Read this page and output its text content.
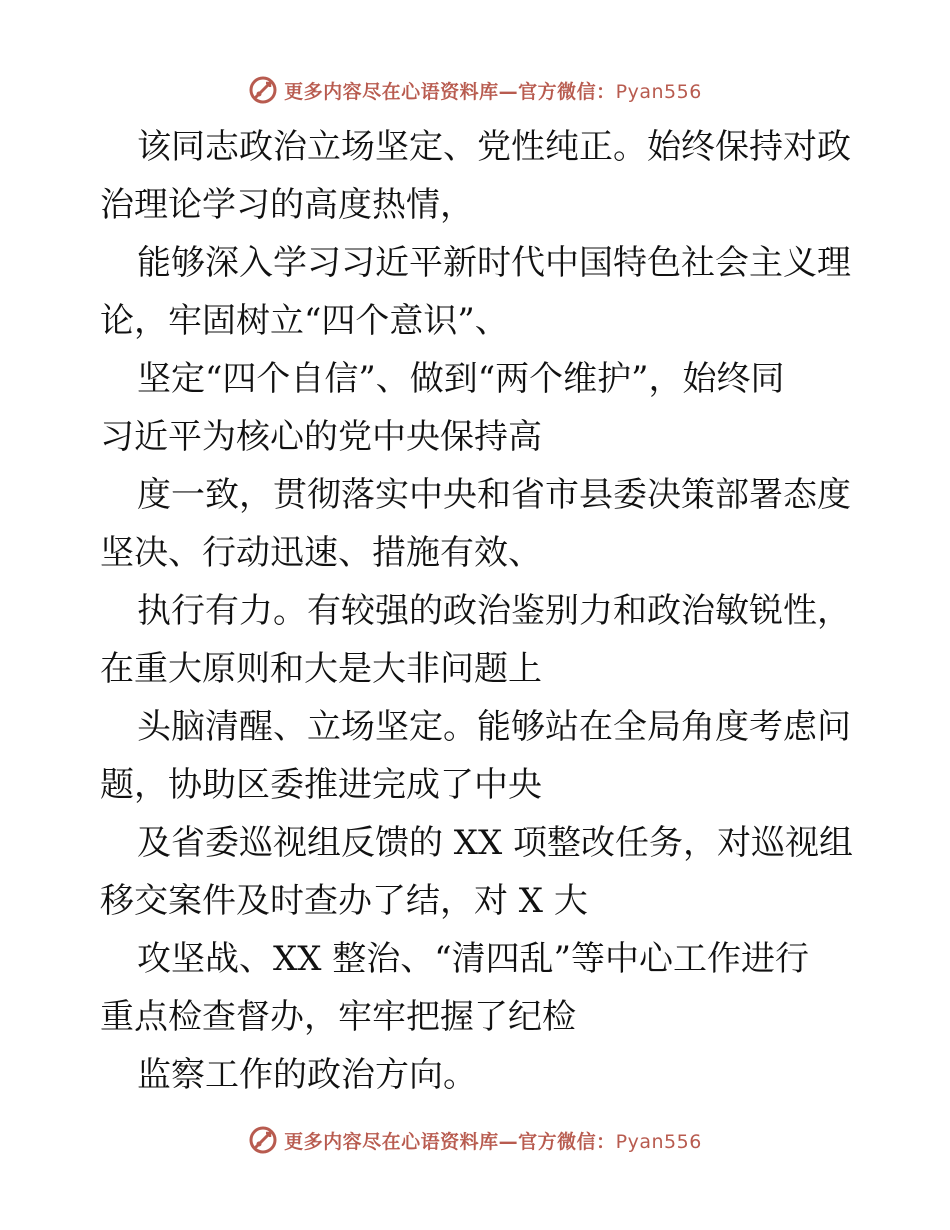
更多内容尽在心语资料库—官方微信：Pyan556
该同志政治立场坚定、党性纯正。始终保持对政
治理论学习的高度热情，
能够深入学习习近平新时代中国特色社会主义理
论，牢固树立“四个意识”、
坚定“四个自信”、做到“两个维护”，始终同
习近平为核心的党中央保持高
度一致，贯彻落实中央和省市县委决策部署态度
坚决、行动迅速、措施有效、
执行有力。有较强的政治鉴别力和政治敏锐性，
在重大原则和大是大非问题上
头脑清醒、立场坚定。能够站在全局角度考虑问
题，协助区委推进完成了中央
及省委巡视组反馈的 XX 项整改任务，对巡视组
移交案件及时查办了结，对 X 大
攻坚战、XX 整治、“清四乱”等中心工作进行
重点检查督办，牢牢把握了纪检
监察工作的政治方向。
更多内容尽在心语资料库—官方微信：Pyan556
